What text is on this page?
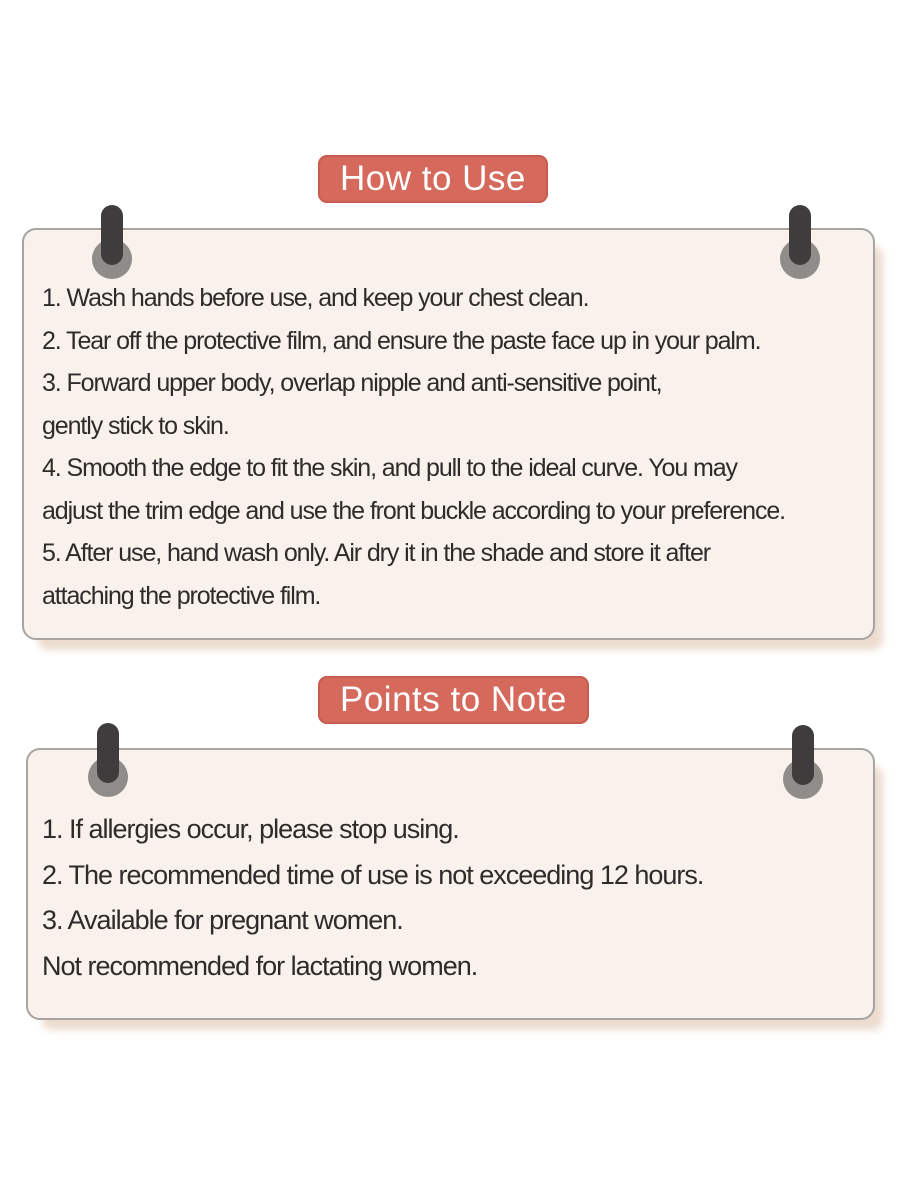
How to Use
1. Wash hands before use, and keep your chest clean.
2. Tear off the protective film, and ensure the paste face up in your palm.
3. Forward upper body, overlap nipple and anti-sensitive point,
gently stick to skin.
4. Smooth the edge to fit the skin, and pull to the ideal curve. You may
adjust the trim edge and use the front buckle according to your preference.
5. After use, hand wash only. Air dry it in the shade and store it after
attaching the protective film.
Points to Note
1. If allergies occur, please stop using.
2. The recommended time of use is not exceeding 12 hours.
3. Available for pregnant women.
Not recommended for lactating women.
